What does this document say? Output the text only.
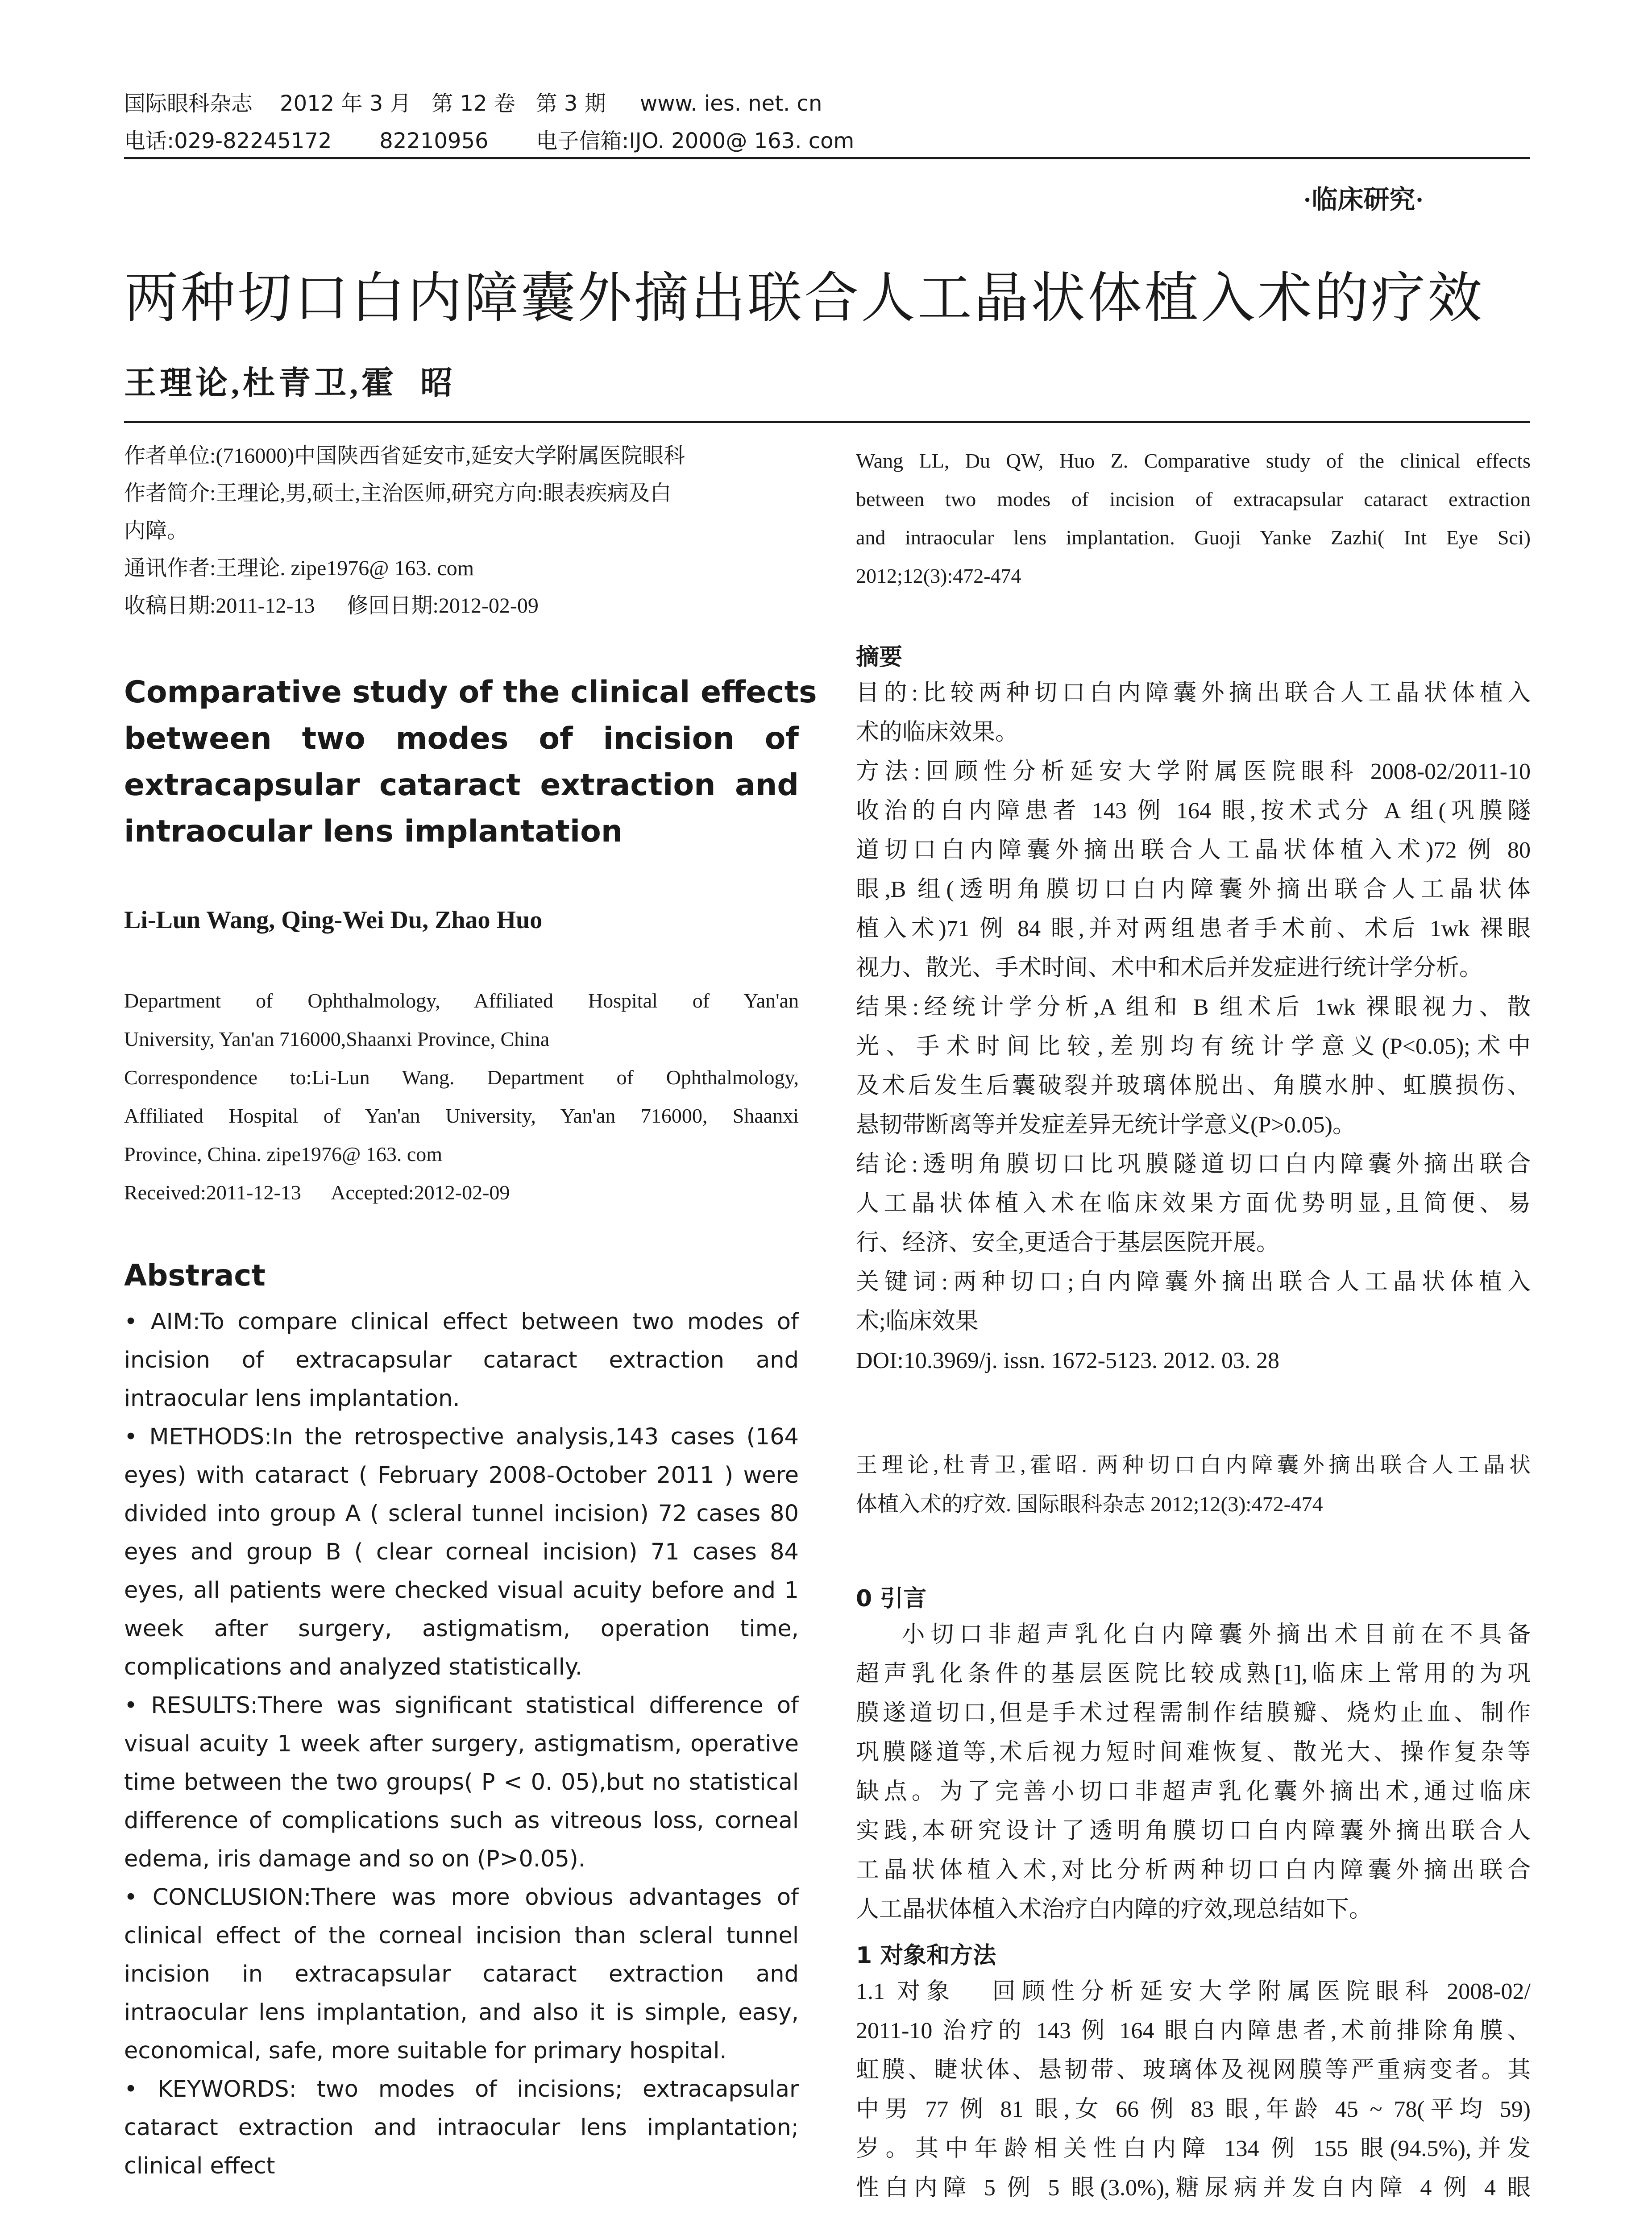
国际眼科杂志    2012 年 3 月   第 12 卷   第 3 期     www. ies. net. cn
电话:029-82245172       82210956       电子信箱:IJO. 2000@ 163. com
·临床研究·
两种切口白内障囊外摘出联合人工晶状体植入术的疗效
王理论,杜青卫,霍  昭
作者单位:(716000)中国陕西省延安市,延安大学附属医院眼科
作者简介:王理论,男,硕士,主治医师,研究方向:眼表疾病及白
内障。
通讯作者:王理论. zipe1976@ 163. com
收稿日期:2011-12-13      修回日期:2012-02-09
Comparative study of the clinical effects
between two modes of incision of
extracapsular cataract extraction and
intraocular lens implantation
Li-Lun Wang, Qing-Wei Du, Zhao Huo
Department of Ophthalmology, Affiliated Hospital of Yan'an
University, Yan'an 716000,Shaanxi Province, China
Correspondence to:Li-Lun Wang. Department of Ophthalmology,
Affiliated Hospital of Yan'an University, Yan'an 716000, Shaanxi
Province, China. zipe1976@ 163. com
Received:2011-12-13      Accepted:2012-02-09
Abstract
• AIM:To compare clinical effect between two modes of
incision of extracapsular cataract extraction and
intraocular lens implantation.
• METHODS:In the retrospective analysis,143 cases (164
eyes) with cataract ( February 2008-October 2011 ) were
divided into group A ( scleral tunnel incision) 72 cases 80
eyes and group B ( clear corneal incision) 71 cases 84
eyes, all patients were checked visual acuity before and 1
week after surgery, astigmatism, operation time,
complications and analyzed statistically.
• RESULTS:There was significant statistical difference of
visual acuity 1 week after surgery, astigmatism, operative
time between the two groups( P < 0. 05),but no statistical
difference of complications such as vitreous loss, corneal
edema, iris damage and so on (P>0.05).
• CONCLUSION:There was more obvious advantages of
clinical effect of the corneal incision than scleral tunnel
incision in extracapsular cataract extraction and
intraocular lens implantation, and also it is simple, easy,
economical, safe, more suitable for primary hospital.
• KEYWORDS: two modes of incisions; extracapsular
cataract extraction and intraocular lens implantation;
clinical effect
Wang LL, Du QW, Huo Z. Comparative study of the clinical effects
between two modes of incision of extracapsular cataract extraction
and intraocular lens implantation. Guoji Yanke Zazhi( Int Eye Sci)
2012;12(3):472-474
摘要
目的:比较两种切口白内障囊外摘出联合人工晶状体植入
术的临床效果。
方法:回顾性分析延安大学附属医院眼科 2008-02/2011-10
收治的白内障患者 143 例 164 眼,按术式分 A 组(巩膜隧
道切口白内障囊外摘出联合人工晶状体植入术)72 例 80
眼,B 组(透明角膜切口白内障囊外摘出联合人工晶状体
植入术)71 例 84 眼,并对两组患者手术前、术后 1wk 裸眼
视力、散光、手术时间、术中和术后并发症进行统计学分析。
结果:经统计学分析,A 组和 B 组术后 1wk 裸眼视力、散
光、手术时间比较,差别均有统计学意义(P<0.05);术中
及术后发生后囊破裂并玻璃体脱出、角膜水肿、虹膜损伤、
悬韧带断离等并发症差异无统计学意义(P>0.05)。
结论:透明角膜切口比巩膜隧道切口白内障囊外摘出联合
人工晶状体植入术在临床效果方面优势明显,且简便、易
行、经济、安全,更适合于基层医院开展。
关键词:两种切口;白内障囊外摘出联合人工晶状体植入
术;临床效果
DOI:10.3969/j. issn. 1672-5123. 2012. 03. 28
王理论,杜青卫,霍昭. 两种切口白内障囊外摘出联合人工晶状
体植入术的疗效. 国际眼科杂志 2012;12(3):472-474
0 引言
小切口非超声乳化白内障囊外摘出术目前在不具备
超声乳化条件的基层医院比较成熟[1],临床上常用的为巩
膜遂道切口,但是手术过程需制作结膜瓣、烧灼止血、制作
巩膜隧道等,术后视力短时间难恢复、散光大、操作复杂等
缺点。为了完善小切口非超声乳化囊外摘出术,通过临床
实践,本研究设计了透明角膜切口白内障囊外摘出联合人
工晶状体植入术,对比分析两种切口白内障囊外摘出联合
人工晶状体植入术治疗白内障的疗效,现总结如下。
1 对象和方法
1.1 对象   回顾性分析延安大学附属医院眼科 2008-02/
2011-10 治疗的 143 例 164 眼白内障患者,术前排除角膜、
虹膜、睫状体、悬韧带、玻璃体及视网膜等严重病变者。其
中男 77 例 81 眼,女 66 例 83 眼,年龄 45 ~ 78(平均 59)
岁。其中年龄相关性白内障 134 例 155 眼(94.5%),并发
性白内障 5 例 5 眼(3.0%),糖尿病并发白内障 4 例 4 眼
